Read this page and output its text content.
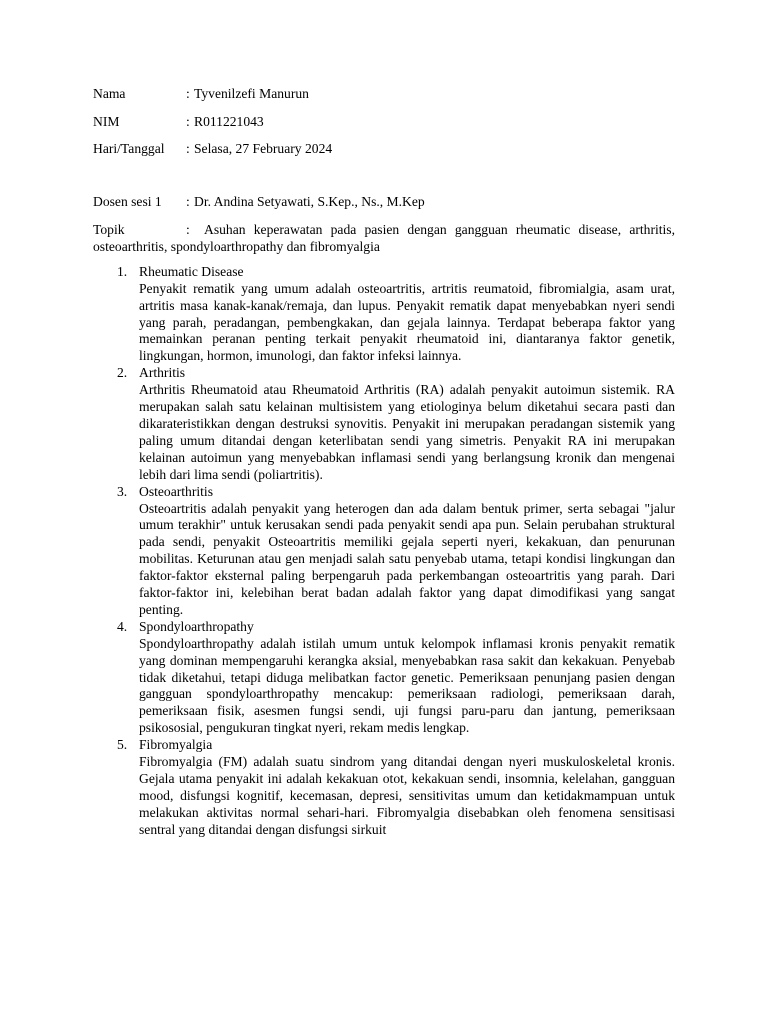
Nama	: Tyvenilzefi Manurun
NIM	: R011221043
Hari/Tanggal	: Selasa, 27 February 2024
Dosen sesi 1	: Dr. Andina Setyawati, S.Kep., Ns., M.Kep

Topik	: Asuhan keperawatan pada pasien dengan gangguan rheumatic disease, arthritis, osteoarthritis, spondyloarthropathy dan fibromyalgia

1. Rheumatic Disease
Penyakit rematik yang umum adalah osteoartritis, artritis reumatoid, fibromialgia, asam urat, artritis masa kanak-kanak/remaja, dan lupus. Penyakit rematik dapat menyebabkan nyeri sendi yang parah, peradangan, pembengkakan, dan gejala lainnya. Terdapat beberapa faktor yang memainkan peranan penting terkait penyakit rheumatoid ini, diantaranya faktor genetik, lingkungan, hormon, imunologi, dan faktor infeksi lainnya.
2. Arthritis
Arthritis Rheumatoid atau Rheumatoid Arthritis (RA) adalah penyakit autoimun sistemik. RA merupakan salah satu kelainan multisistem yang etiologinya belum diketahui secara pasti dan dikarateristikkan dengan destruksi synovitis. Penyakit ini merupakan peradangan sistemik yang paling umum ditandai dengan keterlibatan sendi yang simetris. Penyakit RA ini merupakan kelainan autoimun yang menyebabkan inflamasi sendi yang berlangsung kronik dan mengenai lebih dari lima sendi (poliartritis).
3. Osteoarthritis
Osteoartritis adalah penyakit yang heterogen dan ada dalam bentuk primer, serta sebagai "jalur umum terakhir" untuk kerusakan sendi pada penyakit sendi apa pun. Selain perubahan struktural pada sendi, penyakit Osteoartritis memiliki gejala seperti nyeri, kekakuan, dan penurunan mobilitas. Keturunan atau gen menjadi salah satu penyebab utama, tetapi kondisi lingkungan dan faktor-faktor eksternal paling berpengaruh pada perkembangan osteoartritis yang parah. Dari faktor-faktor ini, kelebihan berat badan adalah faktor yang dapat dimodifikasi yang sangat penting.
4. Spondyloarthropathy
Spondyloarthropathy adalah istilah umum untuk kelompok inflamasi kronis penyakit rematik yang dominan mempengaruhi kerangka aksial, menyebabkan rasa sakit dan kekakuan. Penyebab tidak diketahui, tetapi diduga melibatkan factor genetic. Pemeriksaan penunjang pasien dengan gangguan spondyloarthropathy mencakup: pemeriksaan radiologi, pemeriksaan darah, pemeriksaan fisik, asesmen fungsi sendi, uji fungsi paru-paru dan jantung, pemeriksaan psikososial, pengukuran tingkat nyeri, rekam medis lengkap.
5. Fibromyalgia
Fibromyalgia (FM) adalah suatu sindrom yang ditandai dengan nyeri muskuloskeletal kronis. Gejala utama penyakit ini adalah kekakuan otot, kekakuan sendi, insomnia, kelelahan, gangguan mood, disfungsi kognitif, kecemasan, depresi, sensitivitas umum dan ketidakmampuan untuk melakukan aktivitas normal sehari-hari. Fibromyalgia disebabkan oleh fenomena sensitisasi sentral yang ditandai dengan disfungsi sirkuit
